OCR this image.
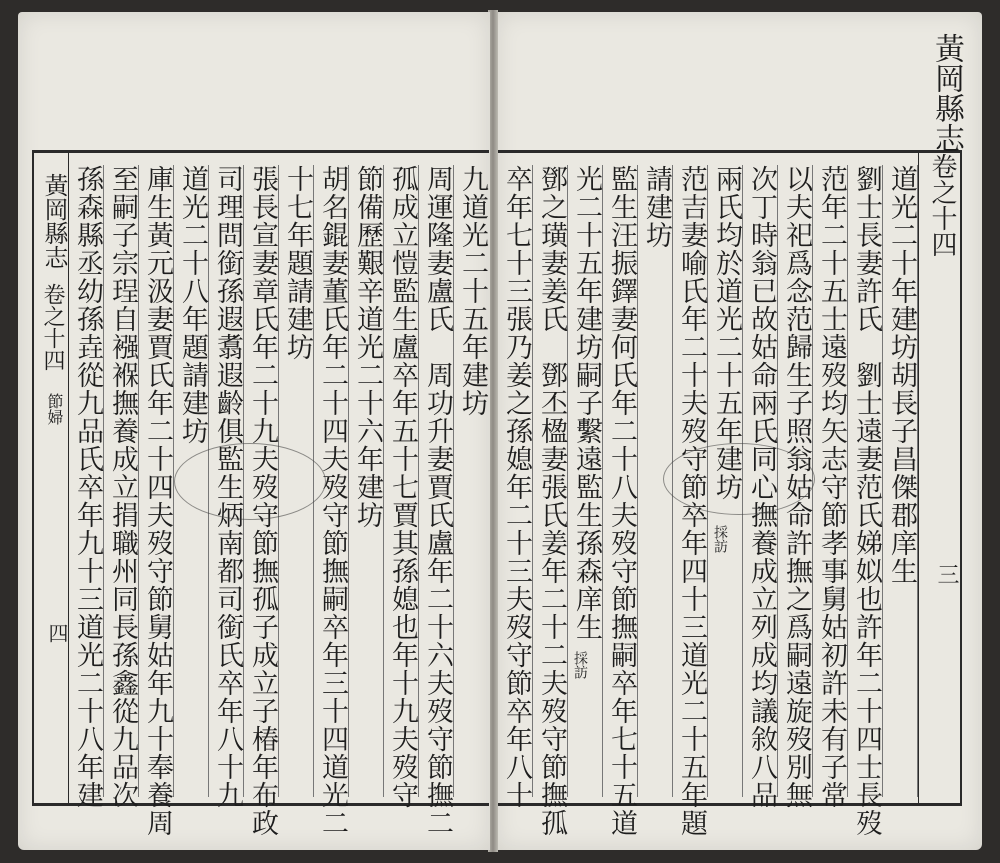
黃岡縣志
卷之十四
三
道光二十年建坊胡長子昌傑郡庠生
劉士長妻許氏　劉士遠妻范氏娣姒也許年二十四士長歿
范年二十五士遠歿均矢志守節孝事舅姑初許未有子常
以夫祀爲念范歸生子照翁姑命許撫之爲嗣遠旋歿別無
次丁時翁已故姑命兩氏同心撫養成立列成均議敘八品
兩氏均於道光二十五年建坊
採訪
范吉妻喻氏年二十夫歿守節卒年四十三道光二十五年題
請建坊
監生汪振鐸妻何氏年二十八夫歿守節撫嗣卒年七十五道
光二十五年建坊嗣子繫遠監生孫森庠生
採訪
鄧之璜妻姜氏　鄧丕楹妻張氏姜年二十二夫歿守節撫孤
卒年七十三張乃姜之孫媳年二十三夫歿守節卒年八十
九道光二十五年建坊
周運隆妻盧氏　周功升妻賈氏盧年二十六夫歿守節撫二
孤成立愷監生盧卒年五十七賈其孫媳也年十九夫歿守
節備歷艱辛道光二十六年建坊
胡名錕妻董氏年二十四夫歿守節撫嗣卒年三十四道光二
十七年題請建坊
張長宣妻章氏年二十九夫歿守節撫孤子成立子椿年布政
司理問銜孫遐翥遐齡俱監生炳南都司銜氏卒年八十九
道光二十八年題請建坊
庫生黃元汲妻賈氏年二十四夫歿守節舅姑年九十奉養周
至嗣子宗珵自襁褓撫養成立捐職州同長孫鑫從九品次
孫森縣丞幼孫垚從九品氏卒年九十三道光二十八年建
黃岡縣志
卷之十四
節婦
四
